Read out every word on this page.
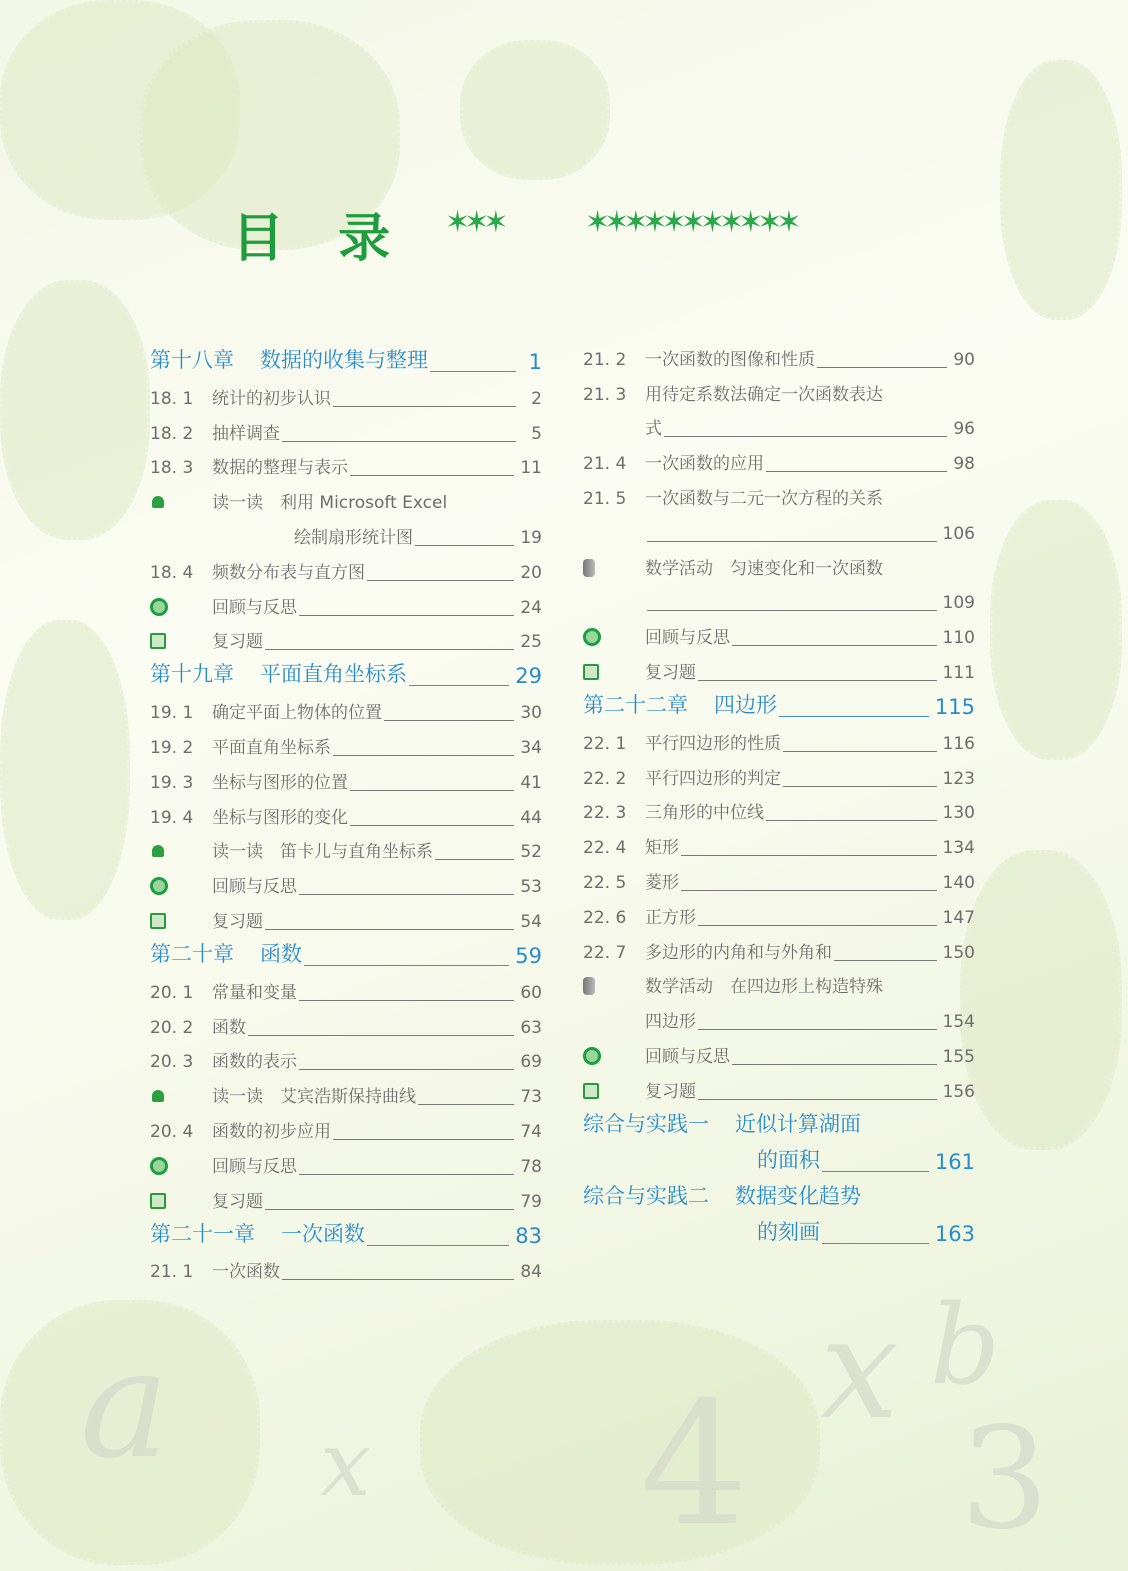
a x
x b
4 3
目 录 ✶✶✶	✶✶✶✶✶✶✶✶✶✶✶
第十八章 数据的收集与整理	1
18. 1	统计的初步认识	2
18. 2	抽样调查	5
18. 3	数据的整理与表示	11
读一读　利用 Microsoft Excel
绘制扇形统计图	19
18. 4	频数分布表与直方图	20
回顾与反思	24
复习题	25
第十九章 平面直角坐标系	29
19. 1	确定平面上物体的位置	30
19. 2	平面直角坐标系	34
19. 3	坐标与图形的位置	41
19. 4	坐标与图形的变化	44
读一读　笛卡儿与直角坐标系	52
回顾与反思	53
复习题	54
第二十章 函数	59
20. 1	常量和变量	60
20. 2	函数	63
20. 3	函数的表示	69
读一读　艾宾浩斯保持曲线	73
20. 4	函数的初步应用	74
回顾与反思	78
复习题	79
第二十一章 一次函数	83
21. 1	一次函数	84
21. 2	一次函数的图像和性质	90
21. 3	用待定系数法确定一次函数表达
式	96
21. 4	一次函数的应用	98
21. 5	一次函数与二元一次方程的关系
106
数学活动　匀速变化和一次函数
109
回顾与反思	110
复习题	111
第二十二章 四边形	115
22. 1	平行四边形的性质	116
22. 2	平行四边形的判定	123
22. 3	三角形的中位线	130
22. 4	矩形	134
22. 5	菱形	140
22. 6	正方形	147
22. 7	多边形的内角和与外角和	150
数学活动　在四边形上构造特殊
四边形	154
回顾与反思	155
复习题	156
综合与实践一 近似计算湖面
的面积	161
综合与实践二 数据变化趋势
的刻画	163
